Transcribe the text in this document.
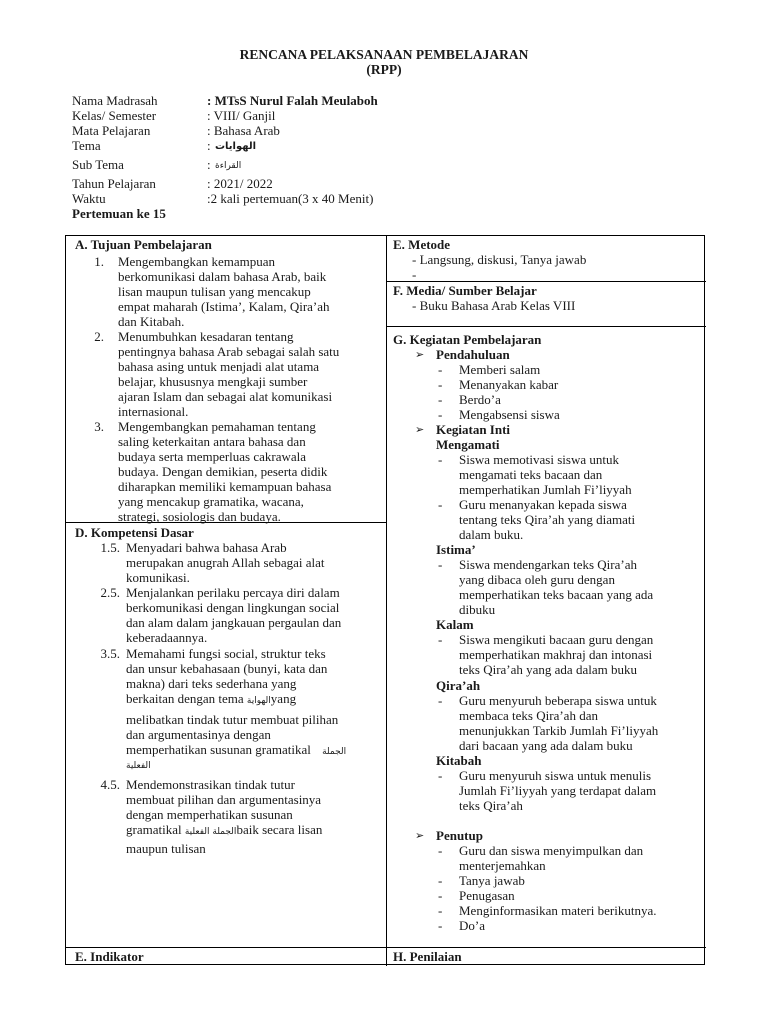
RENCANA PELAKSANAAN PEMBELAJARAN
(RPP)
Nama Madrasah	: MTsS Nurul Falah Meulaboh
Kelas/ Semester	: VIII/ Ganjil
Mata Pelajaran	: Bahasa Arab
Tema	: الهوايات
Sub Tema	: القراءة
Tahun Pelajaran	: 2021/ 2022
Waktu	:2 kali pertemuan(3 x 40 Menit)
Pertemuan ke 15
A. Tujuan Pembelajaran
1. Mengembangkan kemampuan
berkomunikasi dalam bahasa Arab, baik
lisan maupun tulisan yang mencakup
empat maharah (Istima’, Kalam, Qira’ah
dan Kitabah.
2. Menumbuhkan kesadaran tentang
pentingnya bahasa Arab sebagai salah satu
bahasa asing untuk menjadi alat utama
belajar, khususnya mengkaji sumber
ajaran Islam dan sebagai alat komunikasi
internasional.
3. Mengembangkan pemahaman tentang
saling keterkaitan antara bahasa dan
budaya serta memperluas cakrawala
budaya. Dengan demikian, peserta didik
diharapkan memiliki kemampuan bahasa
yang mencakup gramatika, wacana,
strategi, sosiologis dan budaya.
D. Kompetensi Dasar
1.5. Menyadari bahwa bahasa Arab
merupakan anugrah Allah sebagai alat
komunikasi.
2.5. Menjalankan perilaku percaya diri dalam
berkomunikasi dengan lingkungan social
dan alam dalam jangkauan pergaulan dan
keberadaannya.
3.5. Memahami fungsi social, struktur teks
dan unsur kebahasaan (bunyi, kata dan
makna) dari teks sederhana yang
berkaitan dengan tema الهوايةyang
melibatkan tindak tutur membuat pilihan
dan argumentasinya dengan
memperhatikan susunan gramatikal الجملة
الفعلية
4.5. Mendemonstrasikan tindak tutur
membuat pilihan dan argumentasinya
dengan memperhatikan susunan
gramatikal الجملة الفعليةbaik secara lisan
maupun tulisan
E. Indikator
E. Metode
- Langsung, diskusi, Tanya jawab
-
F. Media/ Sumber Belajar
- Buku Bahasa Arab Kelas VIII
G. Kegiatan Pembelajaran
➢ Pendahuluan
- Memberi salam
- Menanyakan kabar
- Berdo’a
- Mengabsensi siswa
➢ Kegiatan Inti
Mengamati
- Siswa memotivasi siswa untuk
mengamati teks bacaan dan
memperhatikan Jumlah Fi’liyyah
- Guru menanyakan kepada siswa
tentang teks Qira’ah yang diamati
dalam buku.
Istima’
- Siswa mendengarkan teks Qira’ah
yang dibaca oleh guru dengan
memperhatikan teks bacaan yang ada
dibuku
Kalam
- Siswa mengikuti bacaan guru dengan
memperhatikan makhraj dan intonasi
teks Qira’ah yang ada dalam buku
Qira’ah
- Guru menyuruh beberapa siswa untuk
membaca teks Qira’ah dan
menunjukkan Tarkib Jumlah Fi’liyyah
dari bacaan yang ada dalam buku
Kitabah
- Guru menyuruh siswa untuk menulis
Jumlah Fi’liyyah yang terdapat dalam
teks Qira’ah
➢ Penutup
- Guru dan siswa menyimpulkan dan
menterjemahkan
- Tanya jawab
- Penugasan
- Menginformasikan materi berikutnya.
- Do’a
H. Penilaian
